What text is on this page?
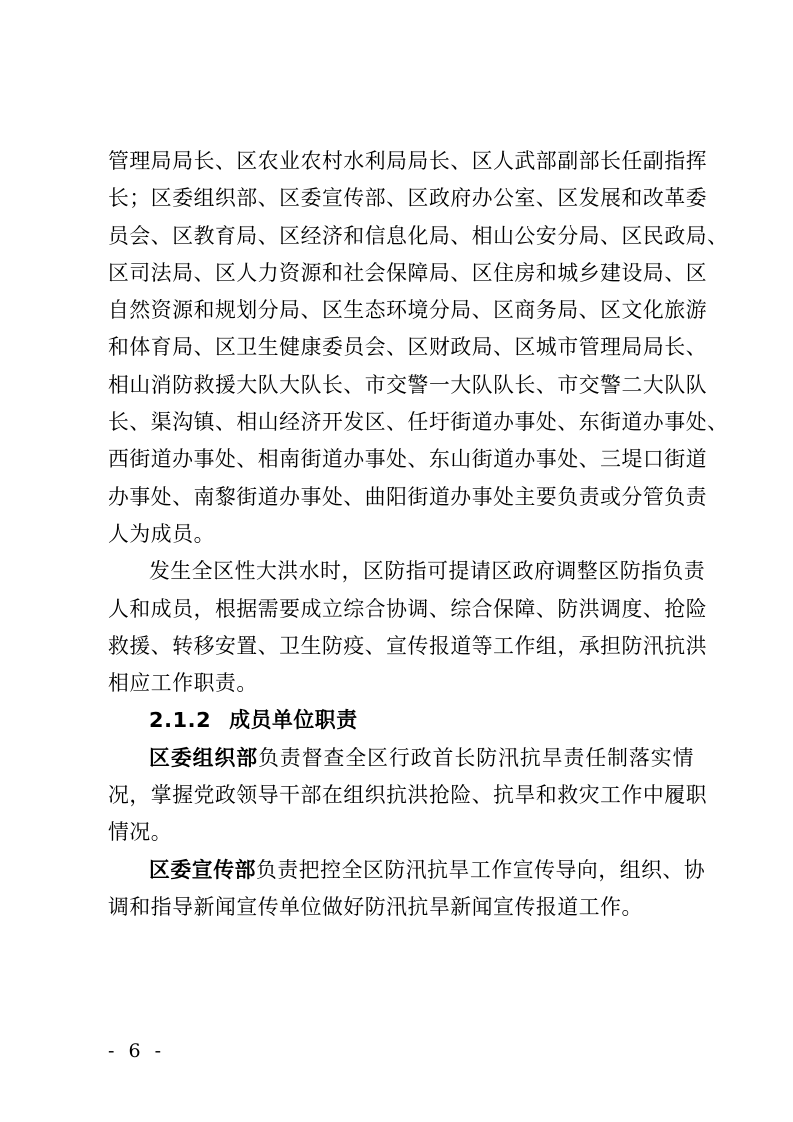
管理局局长、区农业农村水利局局长、区人武部副部长任副指挥
长；区委组织部、区委宣传部、区政府办公室、区发展和改革委
员会、区教育局、区经济和信息化局、相山公安分局、区民政局、
区司法局、区人力资源和社会保障局、区住房和城乡建设局、区
自然资源和规划分局、区生态环境分局、区商务局、区文化旅游
和体育局、区卫生健康委员会、区财政局、区城市管理局局长、
相山消防救援大队大队长、市交警一大队队长、市交警二大队队
长、渠沟镇、相山经济开发区、任圩街道办事处、东街道办事处、
西街道办事处、相南街道办事处、东山街道办事处、三堤口街道
办事处、南黎街道办事处、曲阳街道办事处主要负责或分管负责
人为成员。
发生全区性大洪水时，区防指可提请区政府调整区防指负责
人和成员，根据需要成立综合协调、综合保障、防洪调度、抢险
救援、转移安置、卫生防疫、宣传报道等工作组，承担防汛抗洪
相应工作职责。
2.1.2 成员单位职责
区委组织部负责督查全区行政首长防汛抗旱责任制落实情
况，掌握党政领导干部在组织抗洪抢险、抗旱和救灾工作中履职
情况。
区委宣传部负责把控全区防汛抗旱工作宣传导向，组织、协
调和指导新闻宣传单位做好防汛抗旱新闻宣传报道工作。
- 6 -
